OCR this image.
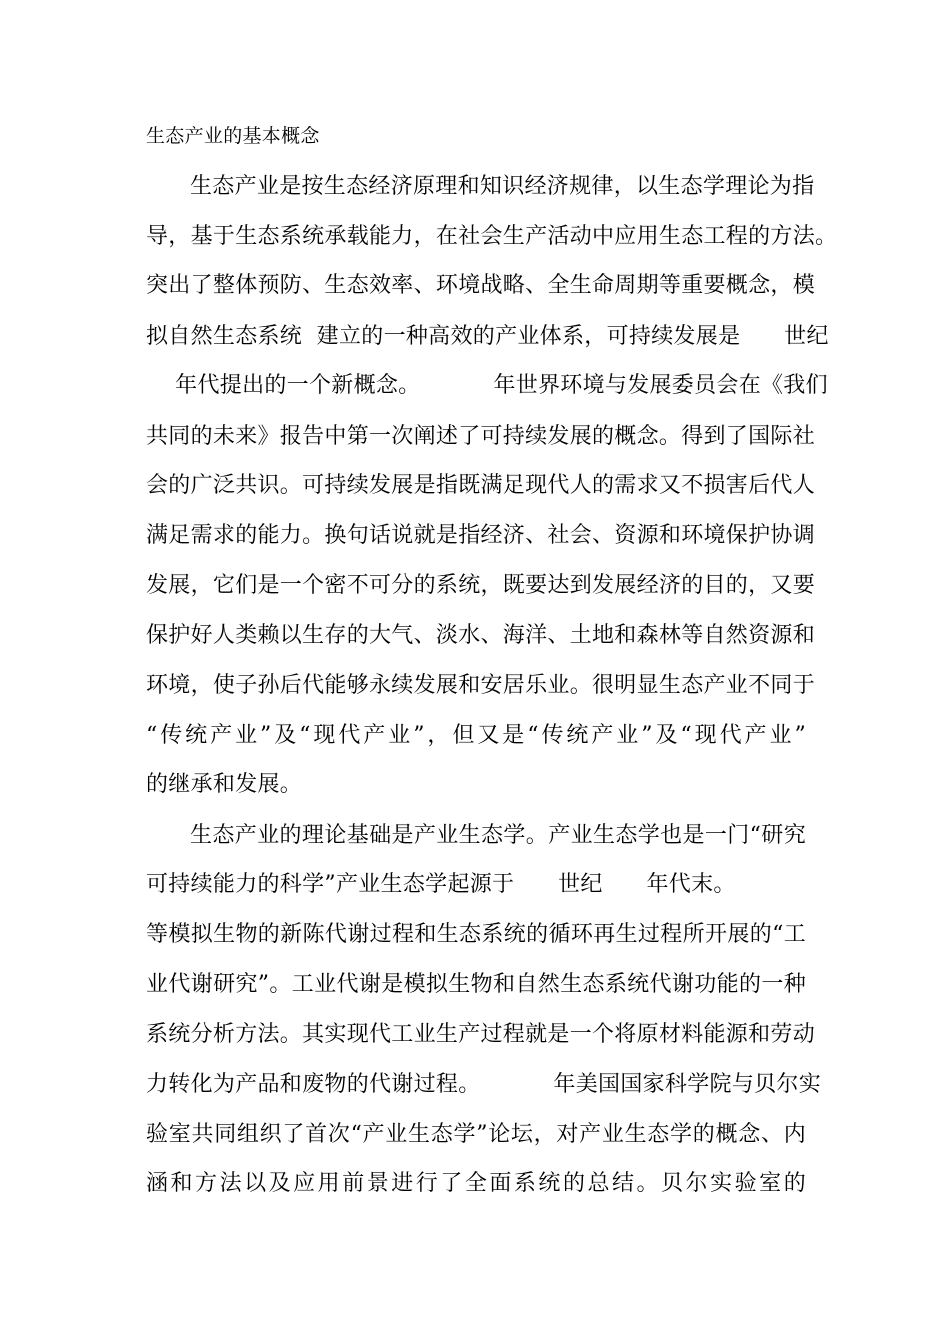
生态产业的基本概念
生态产业是按生态经济原理和知识经济规律，以生态学理论为指
导，基于生态系统承载能力，在社会生产活动中应用生态工程的方法。
突出了整体预防、生态效率、环境战略、全生命周期等重要概念，模
拟自然生态系统  建立的一种高效的产业体系，可持续发展是      世纪
年代提出的一个新概念。          年世界环境与发展委员会在《我们
共同的未来》报告中第一次阐述了可持续发展的概念。得到了国际社
会的广泛共识。可持续发展是指既满足现代人的需求又不损害后代人
满足需求的能力。换句话说就是指经济、社会、资源和环境保护协调
发展，它们是一个密不可分的系统，既要达到发展经济的目的，又要
保护好人类赖以生存的大气、淡水、海洋、土地和森林等自然资源和
环境，使子孙后代能够永续发展和安居乐业。很明显生态产业不同于
“传统产业”及“现代产业”，但又是“传统产业”及“现代产业”
的继承和发展。
生态产业的理论基础是产业生态学。产业生态学也是一门“研究
可持续能力的科学”产业生态学起源于      世纪      年代末。
等模拟生物的新陈代谢过程和生态系统的循环再生过程所开展的“工
业代谢研究”。工业代谢是模拟生物和自然生态系统代谢功能的一种
系统分析方法。其实现代工业生产过程就是一个将原材料能源和劳动
力转化为产品和废物的代谢过程。          年美国国家科学院与贝尔实
验室共同组织了首次“产业生态学”论坛，对产业生态学的概念、内
涵和方法以及应用前景进行了全面系统的总结。贝尔实验室的
